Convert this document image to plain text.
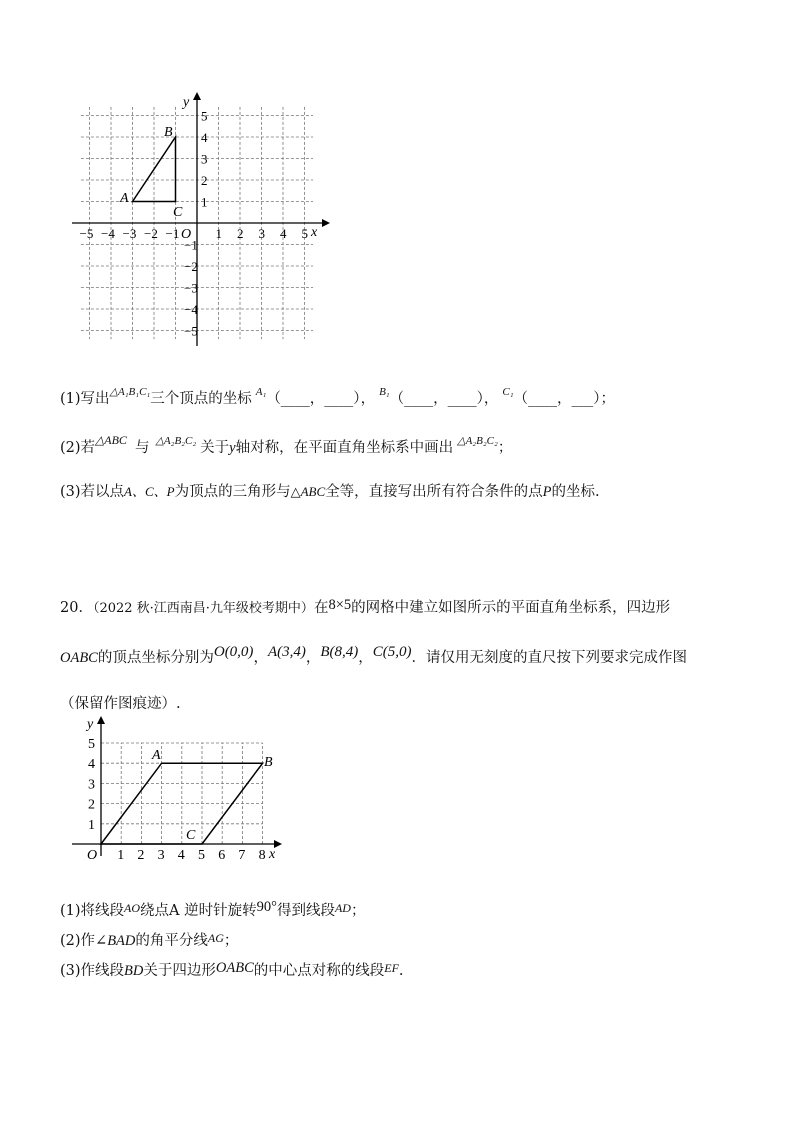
x
y
O
−5 −4 −3 −2 −1	1 2 3 4 5
1
2
3
4
5
−1
−2
−3
−4
−5
A
B
C
(1)写出$^{\triangle A_1B_1C_1}$三个顶点的坐标 $^{A_1}$（____，____）， $^{B_1}$（____，____）， $^{C_1}$（____，___）；
(2)若$^{\triangle ABC}$ 与 $^{\triangle A_2B_2C_2}$ 关于y轴对称，在平面直角坐标系中画出 $^{\triangle A_2B_2C_2}$；
(3)若以点A、C、P为顶点的三角形与△ABC全等，直接写出所有符合条件的点P的坐标.
20．（2022 秋·江西南昌·九年级校考期中）在8×5的网格中建立如图所示的平面直角坐标系，四边形
OABC的顶点坐标分别为O(0,0)，A(3,4)，B(8,4)，C(5,0)．请仅用无刻度的直尺按下列要求完成作图
（保留作图痕迹）.
x
y
O 1 2 3 4 5 6 7 8
1
2
3
4
5
A	B
C
(1)将线段$^{AO}$绕点A 逆时针旋转90°得到线段$^{AD}$；
(2)作∠BAD的角平分线$^{AG}$；
(3)作线段BD关于四边形OABC的中心点对称的线段$^{EF}$.
